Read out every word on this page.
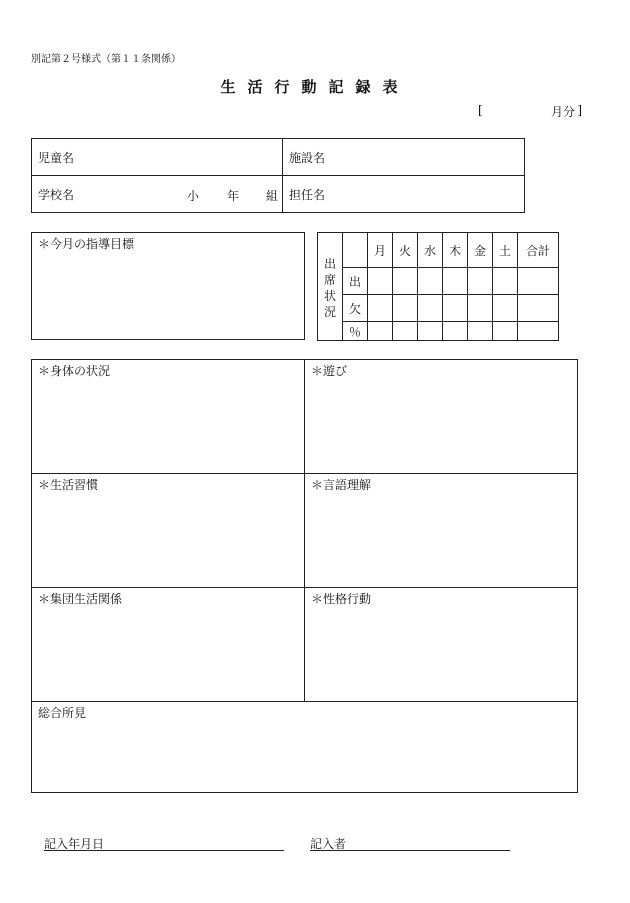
別記第２号様式（第１１条関係）
生活行動記録表
[	月分 ]
児童名	施設名
学校名 小 年 組	担任名
＊今月の指導目標
出席状況		月	火	水	木	金	土	合計
	出							
	欠							
	％							
＊身体の状況	＊遊び
＊生活習慣	＊言語理解
＊集団生活関係	＊性格行動
総合所見	
記入年月日	記入者
